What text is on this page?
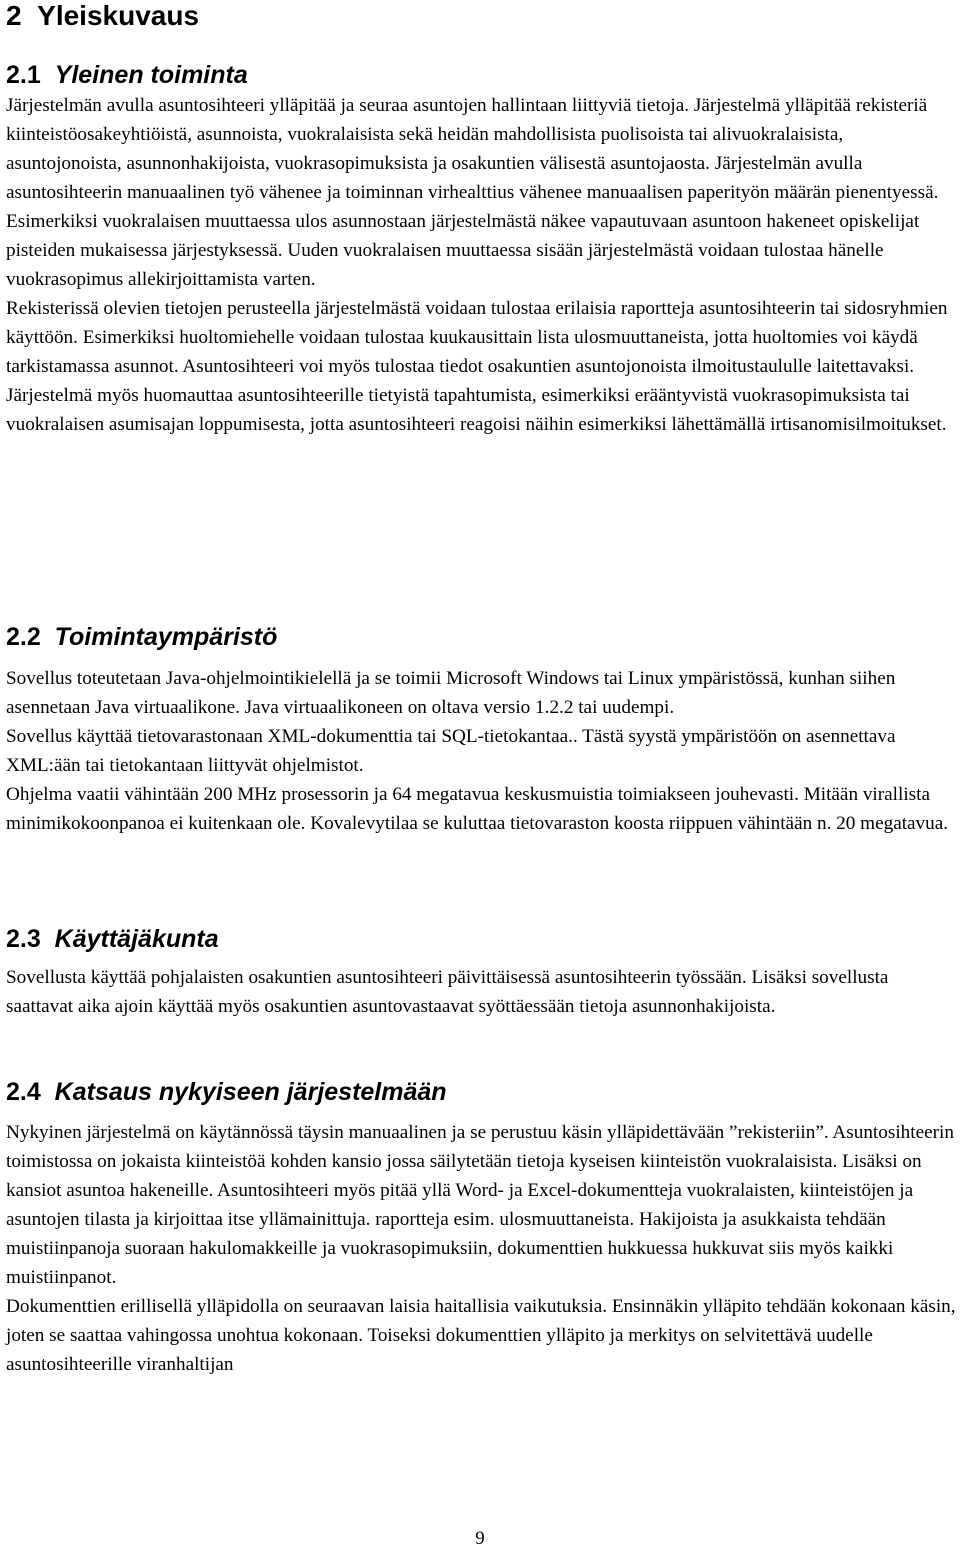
2 Yleiskuvaus
2.1 Yleinen toiminta

Järjestelmän avulla asuntosihteeri ylläpitää ja seuraa asuntojen hallintaan liittyviä tietoja. Järjestelmä ylläpitää rekisteriä kiinteistöosakeyhtiöistä, asunnoista, vuokralaisista sekä heidän mahdollisista puolisoista tai alivuokralaisista, asuntojonoista, asunnonhakijoista, vuokrasopimuksista ja osakuntien välisestä asuntojaosta. Järjestelmän avulla asuntosihteerin manuaalinen työ vähenee ja toiminnan virhealttius vähenee manuaalisen paperityön määrän pienentyessä. Esimerkiksi vuokralaisen muuttaessa ulos asunnostaan järjestelmästä näkee vapautuvaan asuntoon hakeneet opiskelijat pisteiden mukaisessa järjestyksessä. Uuden vuokralaisen muuttaessa sisään järjestelmästä voidaan tulostaa hänelle vuokrasopimus allekirjoittamista varten.

Rekisterissä olevien tietojen perusteella järjestelmästä voidaan tulostaa erilaisia raportteja asuntosihteerin tai sidosryhmien käyttöön. Esimerkiksi huoltomiehelle voidaan tulostaa kuukausittain lista ulosmuuttaneista, jotta huoltomies voi käydä tarkistamassa asunnot. Asuntosihteeri voi myös tulostaa tiedot osakuntien asuntojonoista ilmoitustaululle laitettavaksi.

Järjestelmä myös huomauttaa asuntosihteerille tietyistä tapahtumista, esimerkiksi erääntyvistä vuokrasopimuksista tai vuokralaisen asumisajan loppumisesta, jotta asuntosihteeri reagoisi näihin esimerkiksi lähettämällä irtisanomisilmoitukset.

2.2 Toimintaympäristö

Sovellus toteutetaan Java-ohjelmointikielellä ja se toimii Microsoft Windows tai Linux ympäristössä, kunhan siihen asennetaan Java virtuaalikone. Java virtuaalikoneen on oltava versio 1.2.2 tai uudempi.

Sovellus käyttää tietovarastonaan XML-dokumenttia tai SQL-tietokantaa.. Tästä syystä ympäristöön on asennettava XML:ään tai tietokantaan liittyvät ohjelmistot.

Ohjelma vaatii vähintään 200 MHz prosessorin ja 64 megatavua keskusmuistia toimiakseen jouhevasti. Mitään virallista minimikokoonpanoa ei kuitenkaan ole. Kovalevytilaa se kuluttaa tietovaraston koosta riippuen vähintään n. 20 megatavua.

2.3 Käyttäjäkunta

Sovellusta käyttää pohjalaisten osakuntien asuntosihteeri päivittäisessä asuntosihteerin työssään. Lisäksi sovellusta saattavat aika ajoin käyttää myös osakuntien asuntovastaavat syöttäessään tietoja asunnonhakijoista.

2.4 Katsaus nykyiseen järjestelmään

Nykyinen järjestelmä on käytännössä täysin manuaalinen ja se perustuu käsin ylläpidettävään ”rekisteriin”. Asuntosihteerin toimistossa on jokaista kiinteistöä kohden kansio jossa säilytetään tietoja kyseisen kiinteistön vuokralaisista. Lisäksi on kansiot asuntoa hakeneille. Asuntosihteeri myös pitää yllä Word- ja Excel-dokumentteja vuokralaisten, kiinteistöjen ja asuntojen tilasta ja kirjoittaa itse yllämainittuja. raportteja esim. ulosmuuttaneista. Hakijoista ja asukkaista tehdään muistiinpanoja suoraan hakulomakkeille ja vuokrasopimuksiin, dokumenttien hukkuessa hukkuvat siis myös kaikki muistiinpanot.

Dokumenttien erillisellä ylläpidolla on seuraavan laisia haitallisia vaikutuksia. Ensinnäkin ylläpito tehdään kokonaan käsin, joten se saattaa vahingossa unohtua kokonaan. Toiseksi dokumenttien ylläpito ja merkitys on selvitettävä uudelle asuntosihteerille viranhaltijan

9
